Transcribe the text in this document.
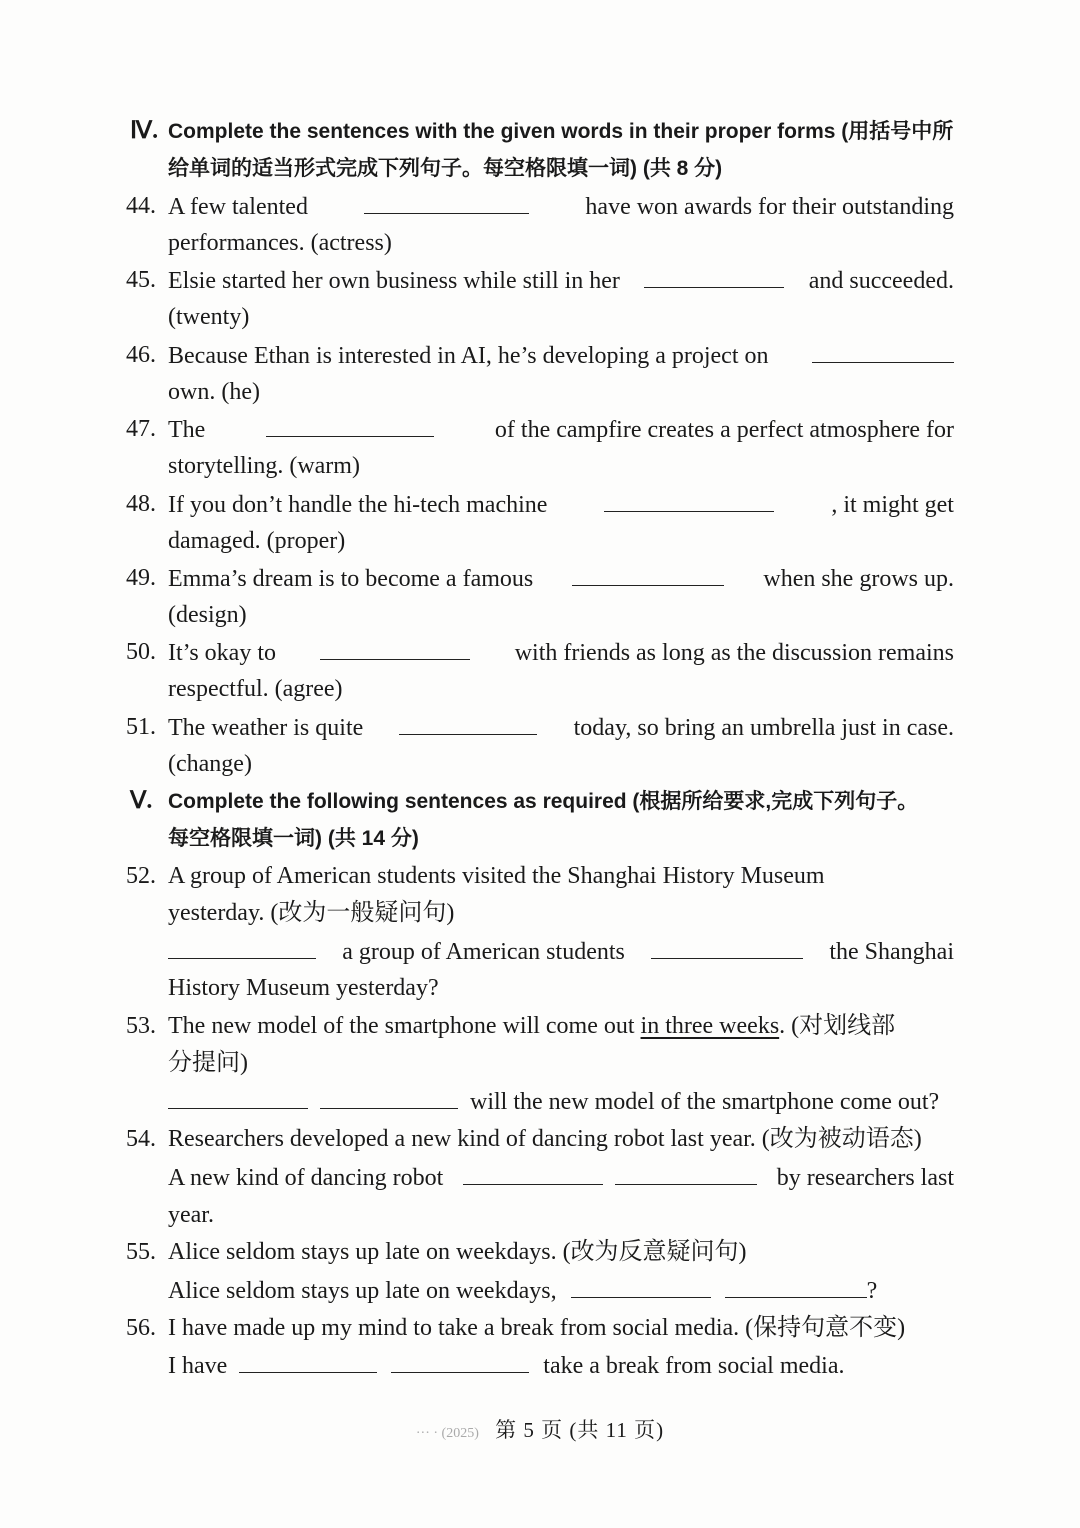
Ⅳ. Complete the sentences with the given words in their proper forms (用括号中所
给单词的适当形式完成下列句子。每空格限填一词) (共 8 分)
44. A few talented	have won awards for their outstanding
performances. (actress)
45. Elsie started her own business while still in her	and succeeded.
(twenty)
46. Because Ethan is interested in AI, he’s developing a project on
own. (he)
47. The	of the campfire creates a perfect atmosphere for
storytelling. (warm)
48. If you don’t handle the hi-tech machine	, it might get
damaged. (proper)
49. Emma’s dream is to become a famous	when she grows up.
(design)
50. It’s okay to	with friends as long as the discussion remains
respectful. (agree)
51. The weather is quite	today, so bring an umbrella just in case.
(change)
Ⅴ. Complete the following sentences as required (根据所给要求,完成下列句子。
每空格限填一词) (共 14 分)
52. A group of American students visited the Shanghai History Museum
yesterday. (改为一般疑问句)
a group of American students	the Shanghai
History Museum yesterday?
53. The new model of the smartphone will come out in three weeks. (对划线部
分提问)
will the new model of the smartphone come out?
54. Researchers developed a new kind of dancing robot last year. (改为被动语态)
A new kind of dancing robot
	by researchers last
year.
55. Alice seldom stays up late on weekdays. (改为反意疑问句)
Alice seldom stays up late on weekdays,	?
56. I have made up my mind to take a break from social media. (保持句意不变)
I have	take a break from social media.
··· · (2025) 第 5 页 (共 11 页)
